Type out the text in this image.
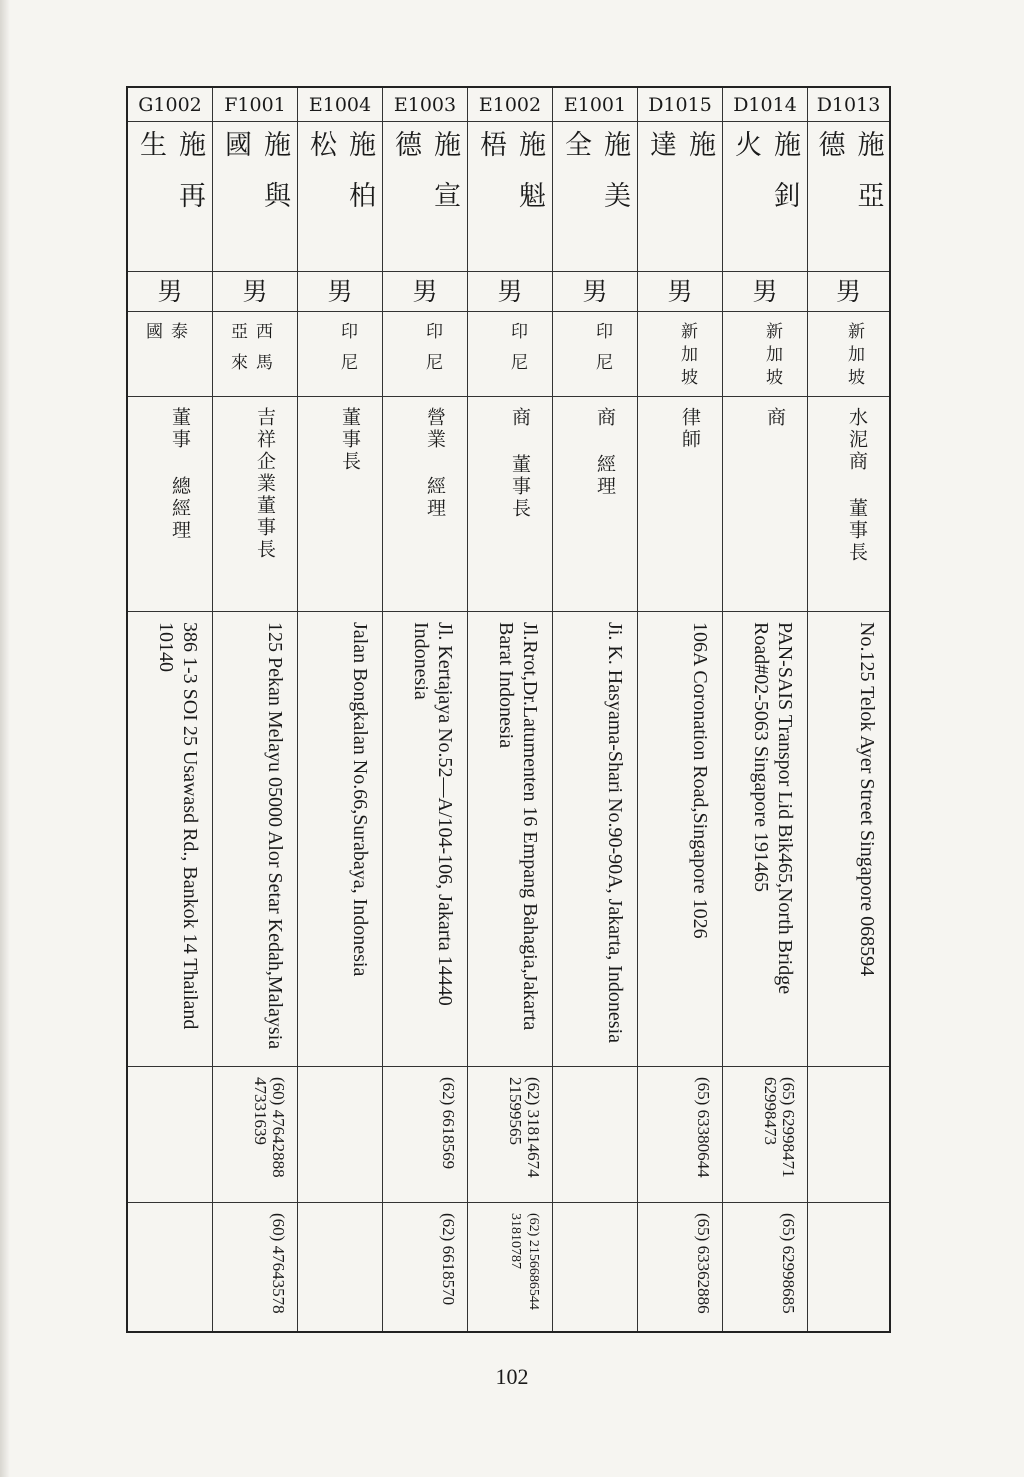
G1002
施再生
男
泰 國
董事 總經理
386 1-3 SOI 25 Usawasd Rd., Bankok 14 Thailand 10140
F1001
施與國
男
西馬 亞來
吉祥企業董事長
125 Pekan Melayu 05000 Alor Setar Kedah,Malaysia
(60) 47642888 47331639
(60) 47643578
E1004
施柏松
男
印尼
董事長
Jalan Bongkalan No.66,Surabaya, Indonesia
E1003
施宣德
男
印尼
營業 經理
Jl. Kertajaya No.52—A/104-106, Jakarta 14440 Indonesia
(62) 6618569
(62) 6618570
E1002
施魁梧
男
印尼
商 董事長
Jl.Rrot,Dr.Latumenten 16 Empang Bahagia,Jakarta Barat Indonesia
(62) 31814674 21599565
(62) 2156686544 31810787
E1001
施美全
男
印尼
商 經理
Ji. K. Hasyama-Shari No.90-90A, Jakarta, Indonesia
D1015
施 達
男
新加坡
律師
106A Coronation Road,Singapore 1026
(65) 63380644
(65) 63362886
D1014
施釗火
男
新加坡
商
PAN-SAIS Transpor Lid Bik465,North Bridge Road#02-5063 Singapore 191465
(65) 62998471 62998473
(65) 62998685
D1013
施亞德
男
新加坡
水泥商 董事長
No.125 Telok Ayer Street Singapore 068594
102
